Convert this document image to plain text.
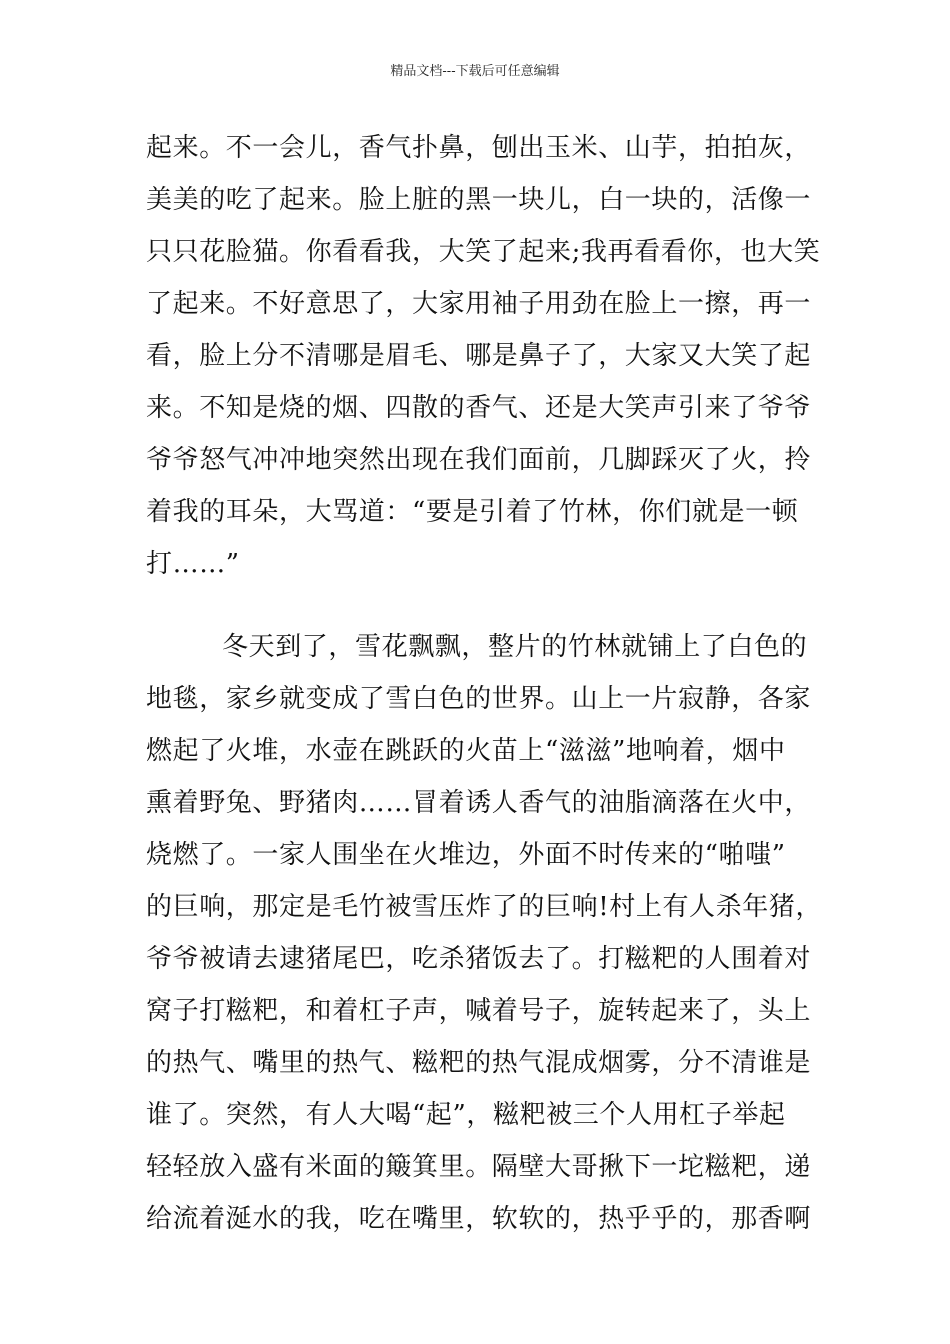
精品文档---下载后可任意编辑
起来。不一会儿，香气扑鼻，刨出玉米、山芋，拍拍灰，
美美的吃了起来。脸上脏的黑一块儿，白一块的，活像一
只只花脸猫。你看看我，大笑了起来;我再看看你，也大笑
了起来。不好意思了，大家用袖子用劲在脸上一擦，再一
看，脸上分不清哪是眉毛、哪是鼻子了，大家又大笑了起
来。不知是烧的烟、四散的香气、还是大笑声引来了爷爷
爷爷怒气冲冲地突然出现在我们面前，几脚踩灭了火，拎
着我的耳朵，大骂道：“要是引着了竹林，你们就是一顿
打……”
冬天到了，雪花飘飘，整片的竹林就铺上了白色的
地毯，家乡就变成了雪白色的世界。山上一片寂静，各家
燃起了火堆，水壶在跳跃的火苗上“滋滋”地响着，烟中
熏着野兔、野猪肉……冒着诱人香气的油脂滴落在火中，
烧燃了。一家人围坐在火堆边，外面不时传来的“啪嗤”
的巨响，那定是毛竹被雪压炸了的巨响!村上有人杀年猪，
爷爷被请去逮猪尾巴，吃杀猪饭去了。打糍粑的人围着对
窝子打糍粑，和着杠子声，喊着号子，旋转起来了，头上
的热气、嘴里的热气、糍粑的热气混成烟雾，分不清谁是
谁了。突然，有人大喝“起”，糍粑被三个人用杠子举起
轻轻放入盛有米面的簸箕里。隔壁大哥揪下一坨糍粑，递
给流着涎水的我，吃在嘴里，软软的，热乎乎的，那香啊
